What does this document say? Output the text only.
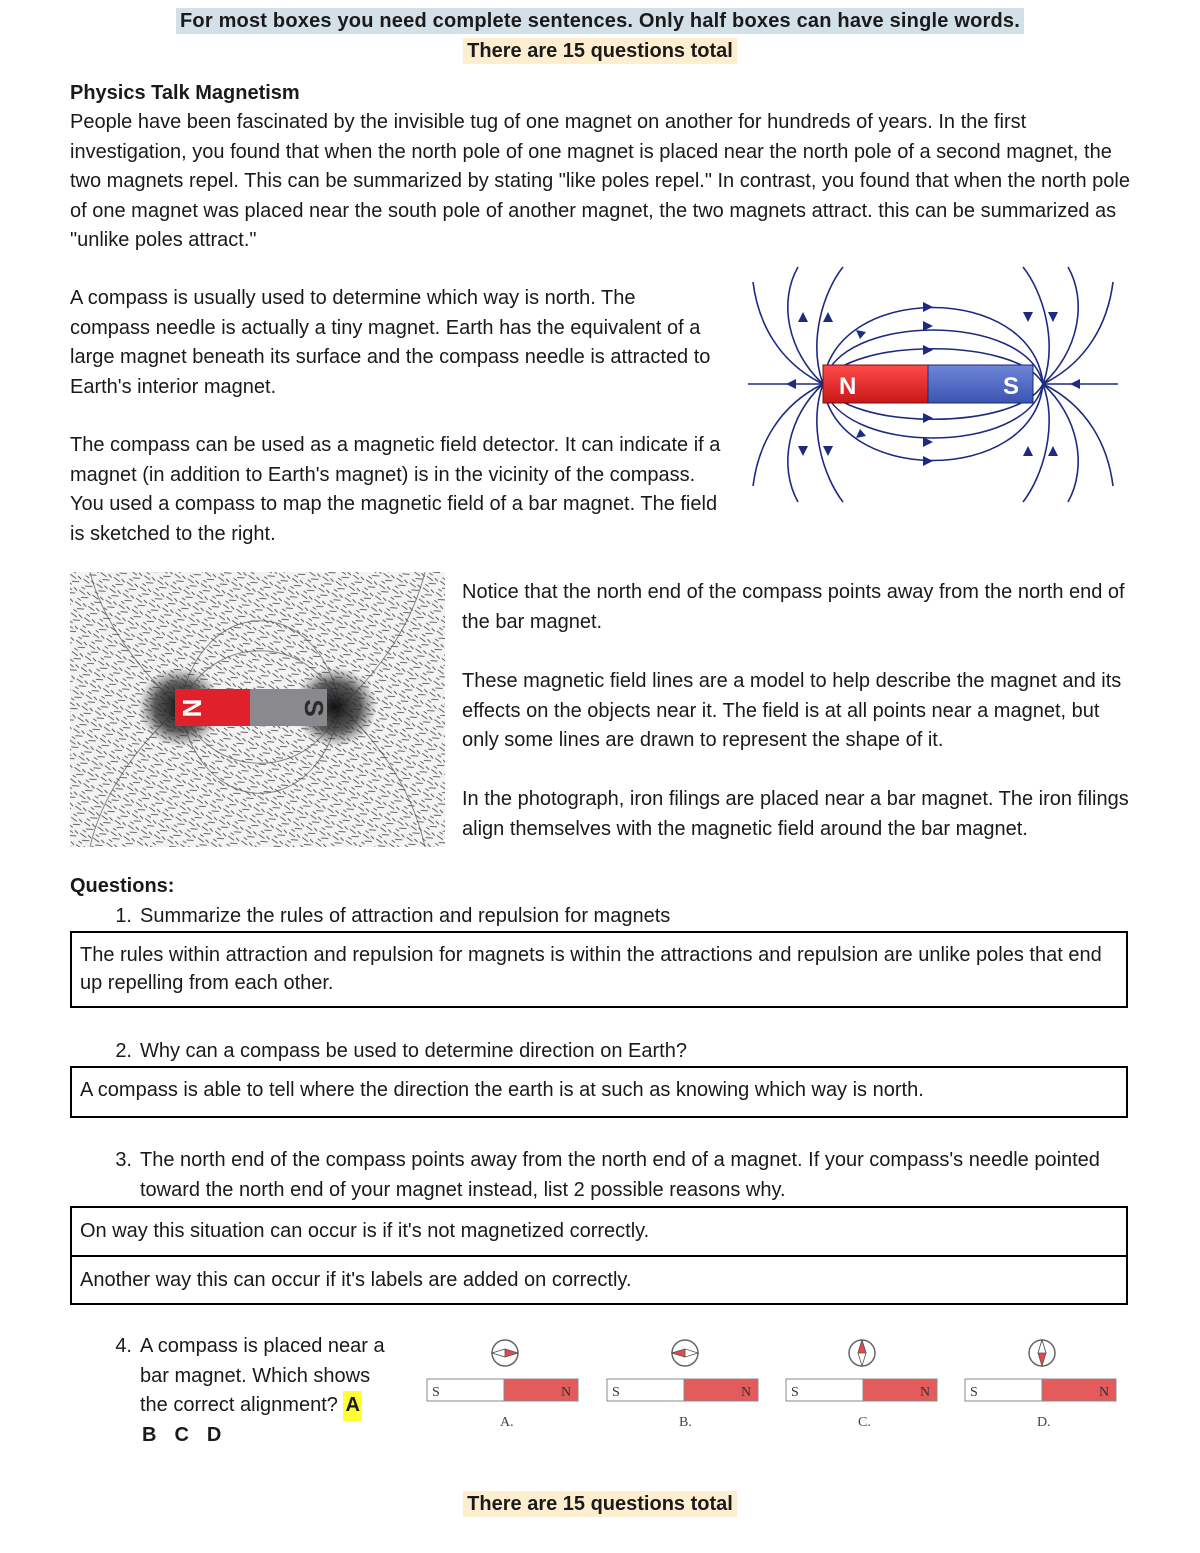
For most boxes you need complete sentences. Only half boxes can have single words.
There are 15 questions total
Physics Talk Magnetism
People have been fascinated by the invisible tug of one magnet on another for hundreds of years. In the first investigation, you found that when the north pole of one magnet is placed near the north pole of a second magnet, the two magnets repel. This can be summarized by stating "like poles repel." In contrast, you found that when the north pole of one magnet was placed near the south pole of another magnet, the two magnets attract. this can be summarized as "unlike poles attract."
A compass is usually used to determine which way is north. The compass needle is actually a tiny magnet. Earth has the equivalent of a large magnet beneath its surface and the compass needle is attracted to Earth's interior magnet.
The compass can be used as a magnetic field detector. It can indicate if a magnet (in addition to Earth's magnet) is in the vicinity of the compass. You used a compass to map the magnetic field of a bar magnet. The field is sketched to the right.
N	S
N	S
Notice that the north end of the compass points away from the north end of the bar magnet.
These magnetic field lines are a model to help describe the magnet and its effects on the objects near it. The field is at all points near a magnet, but only some lines are drawn to represent the shape of it.
In the photograph, iron filings are placed near a bar magnet. The iron filings align themselves with the magnetic field around the bar magnet.
Questions:
1. Summarize the rules of attraction and repulsion for magnets
The rules within attraction and repulsion for magnets is within the attractions and repulsion are unlike poles that end up repelling from each other.
2. Why can a compass be used to determine direction on Earth?
A compass is able to tell where the direction the earth is at such as knowing which way is north.
3. The north end of the compass points away from the north end of a magnet. If your compass's needle pointed toward the north end of your magnet instead, list 2 possible reasons why.
On way this situation can occur is if it's not magnetized correctly.
Another way this can occur if it's labels are added on correctly.
4. A compass is placed near a bar magnet. Which shows the correct alignment? AB C D
S	N
A.
S	N
B.
S	N
C.
S	N
D.
There are 15 questions total
